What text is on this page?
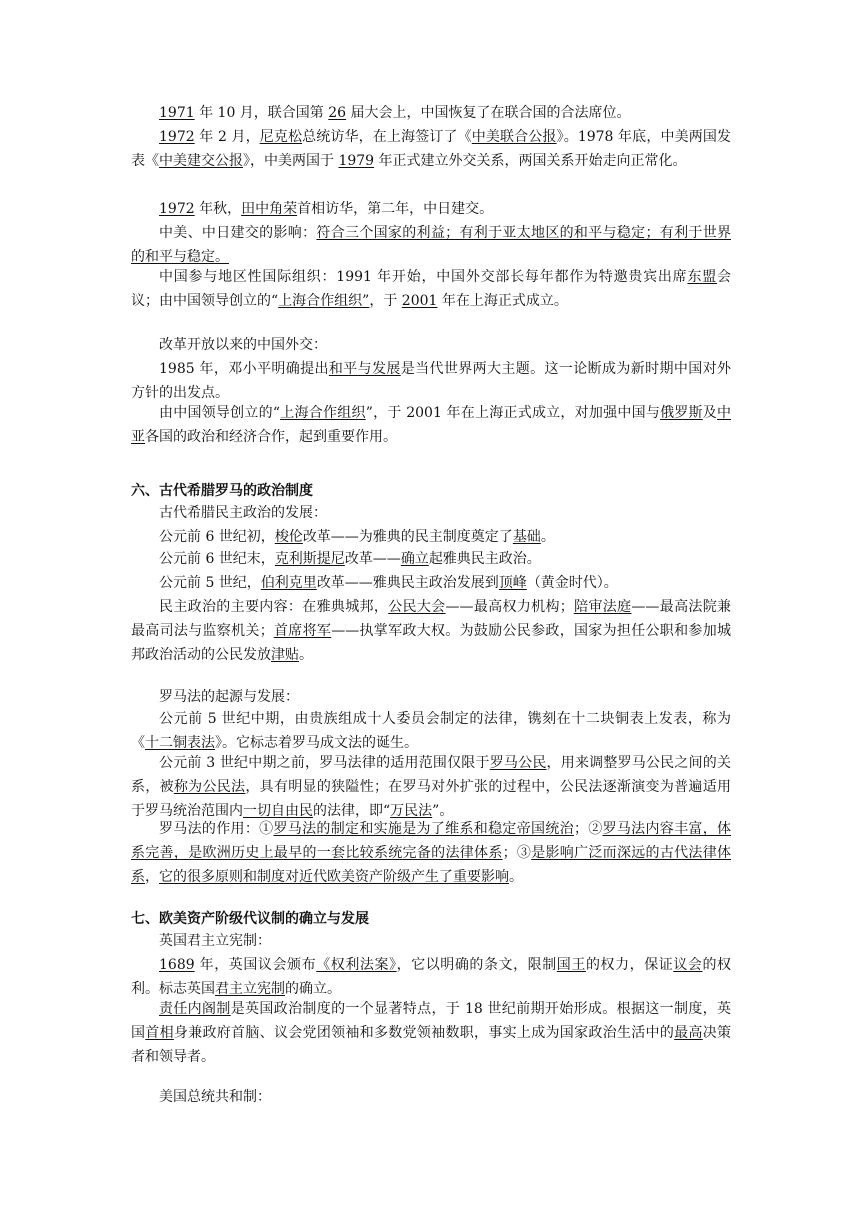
1971 年 10 月，联合国第 26 届大会上，中国恢复了在联合国的合法席位。

1972 年 2 月，尼克松总统访华，在上海签订了《中美联合公报》。1978 年底，中美两国发表《中美建交公报》，中美两国于 1979 年正式建立外交关系，两国关系开始走向正常化。

1972 年秋，田中角荣首相访华，第二年，中日建交。

中美、中日建交的影响：符合三个国家的利益；有利于亚太地区的和平与稳定；有利于世界的和平与稳定。

中国参与地区性国际组织：1991 年开始，中国外交部长每年都作为特邀贵宾出席东盟会议；由中国领导创立的“上海合作组织”，于 2001 年在上海正式成立。

改革开放以来的中国外交：

1985 年，邓小平明确提出和平与发展是当代世界两大主题。这一论断成为新时期中国对外方针的出发点。

由中国领导创立的“上海合作组织”，于 2001 年在上海正式成立，对加强中国与俄罗斯及中亚各国的政治和经济合作，起到重要作用。

六、古代希腊罗马的政治制度

古代希腊民主政治的发展：

公元前 6 世纪初，梭伦改革——为雅典的民主制度奠定了基础。

公元前 6 世纪末，克利斯提尼改革——确立起雅典民主政治。

公元前 5 世纪，伯利克里改革——雅典民主政治发展到顶峰（黄金时代）。

民主政治的主要内容：在雅典城邦，公民大会——最高权力机构；陪审法庭——最高法院兼最高司法与监察机关；首席将军——执掌军政大权。为鼓励公民参政，国家为担任公职和参加城邦政治活动的公民发放津贴。

罗马法的起源与发展：

公元前 5 世纪中期，由贵族组成十人委员会制定的法律，镌刻在十二块铜表上发表，称为《十二铜表法》。它标志着罗马成文法的诞生。

公元前 3 世纪中期之前，罗马法律的适用范围仅限于罗马公民，用来调整罗马公民之间的关系，被称为公民法，具有明显的狭隘性；在罗马对外扩张的过程中，公民法逐渐演变为普遍适用于罗马统治范围内一切自由民的法律，即“万民法”。

罗马法的作用：①罗马法的制定和实施是为了维系和稳定帝国统治；②罗马法内容丰富，体系完善，是欧洲历史上最早的一套比较系统完备的法律体系；③是影响广泛而深远的古代法律体系，它的很多原则和制度对近代欧美资产阶级产生了重要影响。

七、欧美资产阶级代议制的确立与发展

英国君主立宪制：

1689 年，英国议会颁布《权利法案》，它以明确的条文，限制国王的权力，保证议会的权利。标志英国君主立宪制的确立。

责任内阁制是英国政治制度的一个显著特点，于 18 世纪前期开始形成。根据这一制度，英国首相身兼政府首脑、议会党团领袖和多数党领袖数职，事实上成为国家政治生活中的最高决策者和领导者。

美国总统共和制：
